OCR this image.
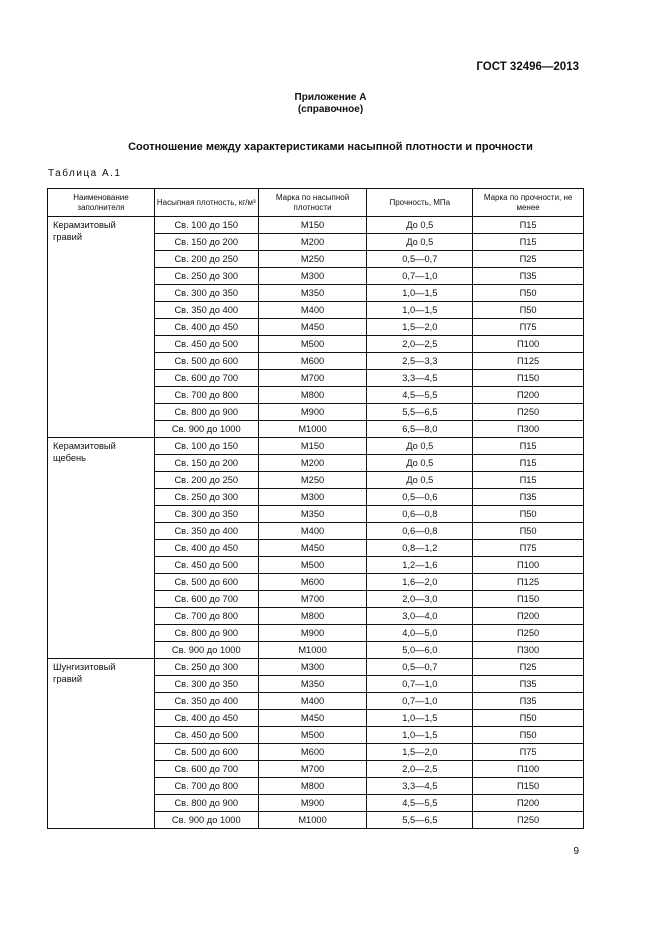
ГОСТ 32496—2013
Приложение А
(справочное)
Соотношение между характеристиками насыпной плотности и прочности
Таблица А.1
Наименование заполнителя	Насыпная плотность, кг/м³	Марка по насыпной плотности	Прочность, МПа	Марка по прочности, не менее

Керамзитовый
гравий	Св. 100 до 150	М150	До 0,5	П15
	Св. 150 до 200	М200	До 0,5	П15
	Св. 200 до 250	М250	0,5—0,7	П25
	Св. 250 до 300	М300	0,7—1,0	П35
	Св. 300 до 350	М350	1,0—1,5	П50
	Св. 350 до 400	М400	1,0—1,5	П50
	Св. 400 до 450	М450	1,5—2,0	П75
	Св. 450 до 500	М500	2,0—2,5	П100
	Св. 500 до 600	М600	2,5—3,3	П125
	Св. 600 до 700	М700	3,3—4,5	П150
	Св. 700 до 800	М800	4,5—5,5	П200
	Св. 800 до 900	М900	5,5—6,5	П250
	Св. 900 до 1000	М1000	6,5—8,0	П300

Керамзитовый
щебень	Св. 100 до 150	М150	До 0,5	П15
	Св. 150 до 200	М200	До 0,5	П15
	Св. 200 до 250	М250	До 0,5	П15
	Св. 250 до 300	М300	0,5—0,6	П35
	Св. 300 до 350	М350	0,6—0,8	П50
	Св. 350 до 400	М400	0,6—0,8	П50
	Св. 400 до 450	М450	0,8—1,2	П75
	Св. 450 до 500	М500	1,2—1,6	П100
	Св. 500 до 600	М600	1,6—2,0	П125
	Св. 600 до 700	М700	2,0—3,0	П150
	Св. 700 до 800	М800	3,0—4,0	П200
	Св. 800 до 900	М900	4,0—5,0	П250
	Св. 900 до 1000	М1000	5,0—6,0	П300

Шунгизитовый
гравий	Св. 250 до 300	М300	0,5—0,7	П25
	Св. 300 до 350	М350	0,7—1,0	П35
	Св. 350 до 400	М400	0,7—1,0	П35
	Св. 400 до 450	М450	1,0—1,5	П50
	Св. 450 до 500	М500	1,0—1,5	П50
	Св. 500 до 600	М600	1,5—2,0	П75
	Св. 600 до 700	М700	2,0—2,5	П100
	Св. 700 до 800	М800	3,3—4,5	П150
	Св. 800 до 900	М900	4,5—5,5	П200
	Св. 900 до 1000	М1000	5,5—6,5	П250
9
